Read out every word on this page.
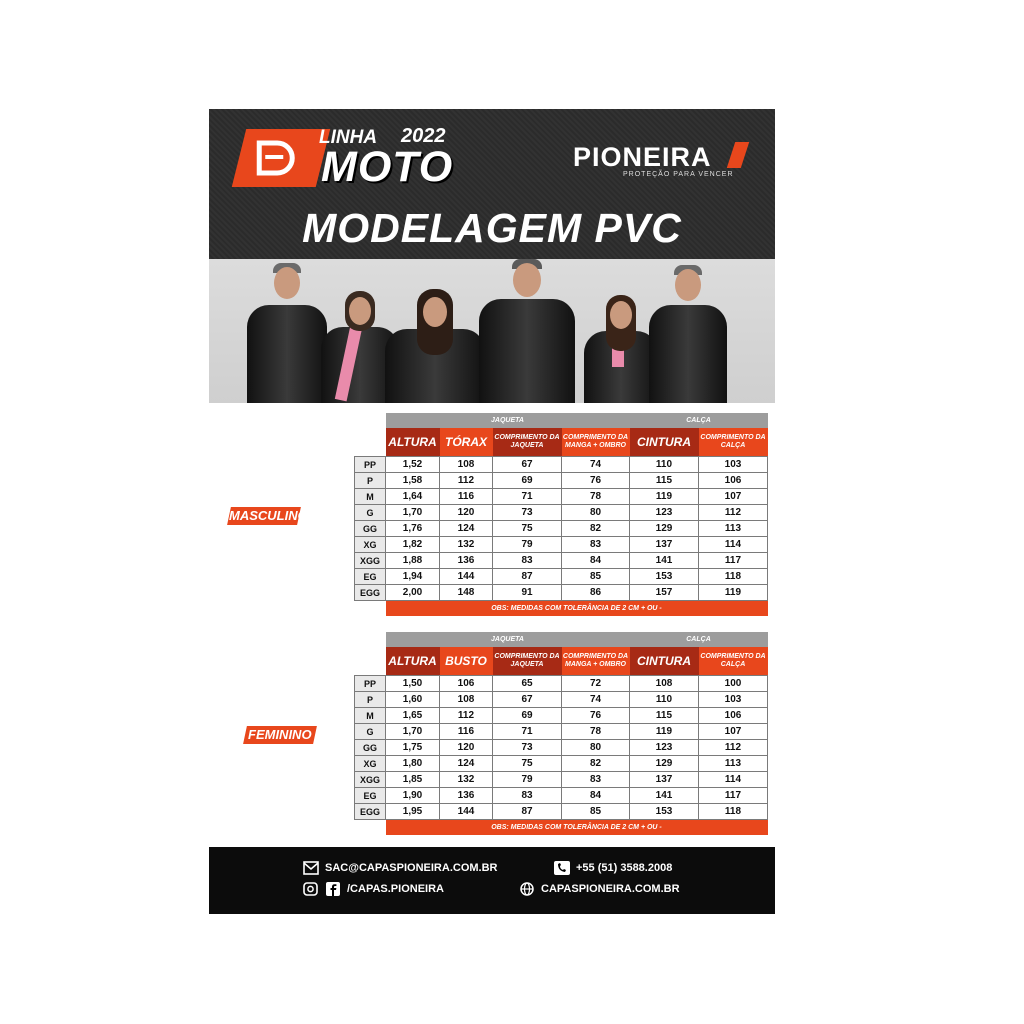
LINHA 2022
MOTO	PIONEIRA
PROTEÇÃO PARA VENCER
MODELAGEM PVC
MASCULINO
	JAQUETA				CALÇA	
	ALTURA	TÓRAX	COMPRIMENTO DA JAQUETA	COMPRIMENTO DA MANGA + OMBRO	CINTURA	COMPRIMENTO DA CALÇA
PP	1,52	108	67	74	110	103
P	1,58	112	69	76	115	106
M	1,64	116	71	78	119	107
G	1,70	120	73	80	123	112
GG	1,76	124	75	82	129	113
XG	1,82	132	79	83	137	114
XGG	1,88	136	83	84	141	117
EG	1,94	144	87	85	153	118
EGG	2,00	148	91	86	157	119
	OBS: MEDIDAS COM TOLERÂNCIA DE 2 CM + OU -					
FEMININO
	JAQUETA				CALÇA	
	ALTURA	BUSTO	COMPRIMENTO DA JAQUETA	COMPRIMENTO DA MANGA + OMBRO	CINTURA	COMPRIMENTO DA CALÇA
PP	1,50	106	65	72	108	100
P	1,60	108	67	74	110	103
M	1,65	112	69	76	115	106
G	1,70	116	71	78	119	107
GG	1,75	120	73	80	123	112
XG	1,80	124	75	82	129	113
XGG	1,85	132	79	83	137	114
EG	1,90	136	83	84	141	117
EGG	1,95	144	87	85	153	118
	OBS: MEDIDAS COM TOLERÂNCIA DE 2 CM + OU -					
SAC@CAPASPIONEIRA.COM.BR	+55 (51) 3588.2008
/CAPAS.PIONEIRA	CAPASPIONEIRA.COM.BR
